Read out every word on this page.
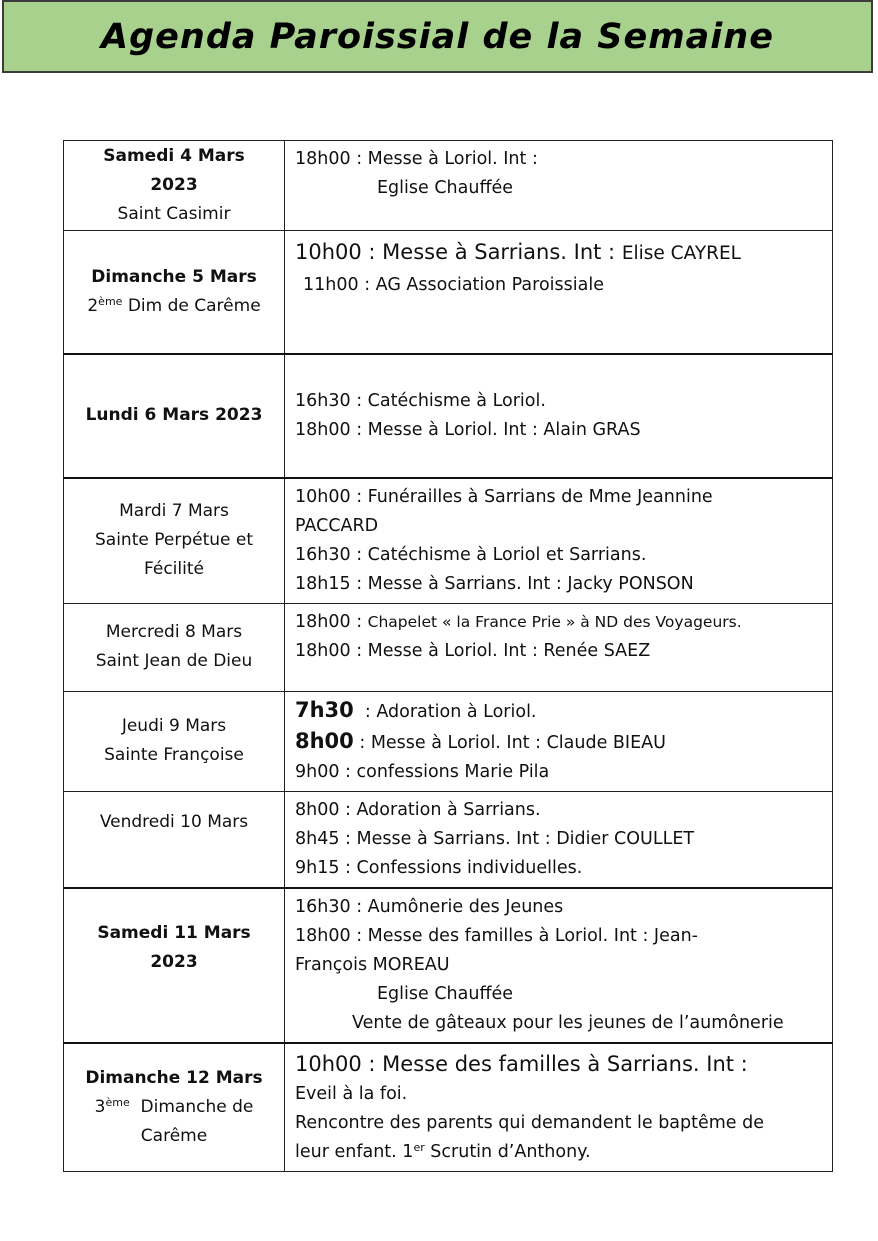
Agenda Paroissial de la Semaine
Samedi 4 Mars
2023
Saint Casimir	18h00 : Messe à Loriol. Int :
Eglise Chauffée

Dimanche 5 Mars
2ème Dim de Carême	10h00 : Messe à Sarrians. Int : Elise CAYREL
11h00 : AG Association Paroissiale

Lundi 6 Mars 2023	16h30 : Catéchisme à Loriol.
18h00 : Messe à Loriol. Int : Alain GRAS

Mardi 7 Mars
Sainte Perpétue et
Fécilité	10h00 : Funérailles à Sarrians de Mme Jeannine
PACCARD
16h30 : Catéchisme à Loriol et Sarrians.
18h15 : Messe à Sarrians. Int : Jacky PONSON

Mercredi 8 Mars
Saint Jean de Dieu	18h00 : Chapelet « la France Prie » à ND des Voyageurs.
18h00 : Messe à Loriol. Int : Renée SAEZ

Jeudi 9 Mars
Sainte Françoise	7h30  : Adoration à Loriol.
8h00 : Messe à Loriol. Int : Claude BIEAU
9h00 : confessions Marie Pila

Vendredi 10 Mars	8h00 : Adoration à Sarrians.
8h45 : Messe à Sarrians. Int : Didier COULLET
9h15 : Confessions individuelles.

Samedi 11 Mars
2023	16h30 : Aumônerie des Jeunes
18h00 : Messe des familles à Loriol. Int : Jean-
François MOREAU
Eglise Chauffée
Vente de gâteaux pour les jeunes de l’aumônerie

Dimanche 12 Mars
3ème  Dimanche de
Carême	10h00 : Messe des familles à Sarrians. Int :
Eveil à la foi.
Rencontre des parents qui demandent le baptême de
leur enfant. 1er Scrutin d’Anthony.
